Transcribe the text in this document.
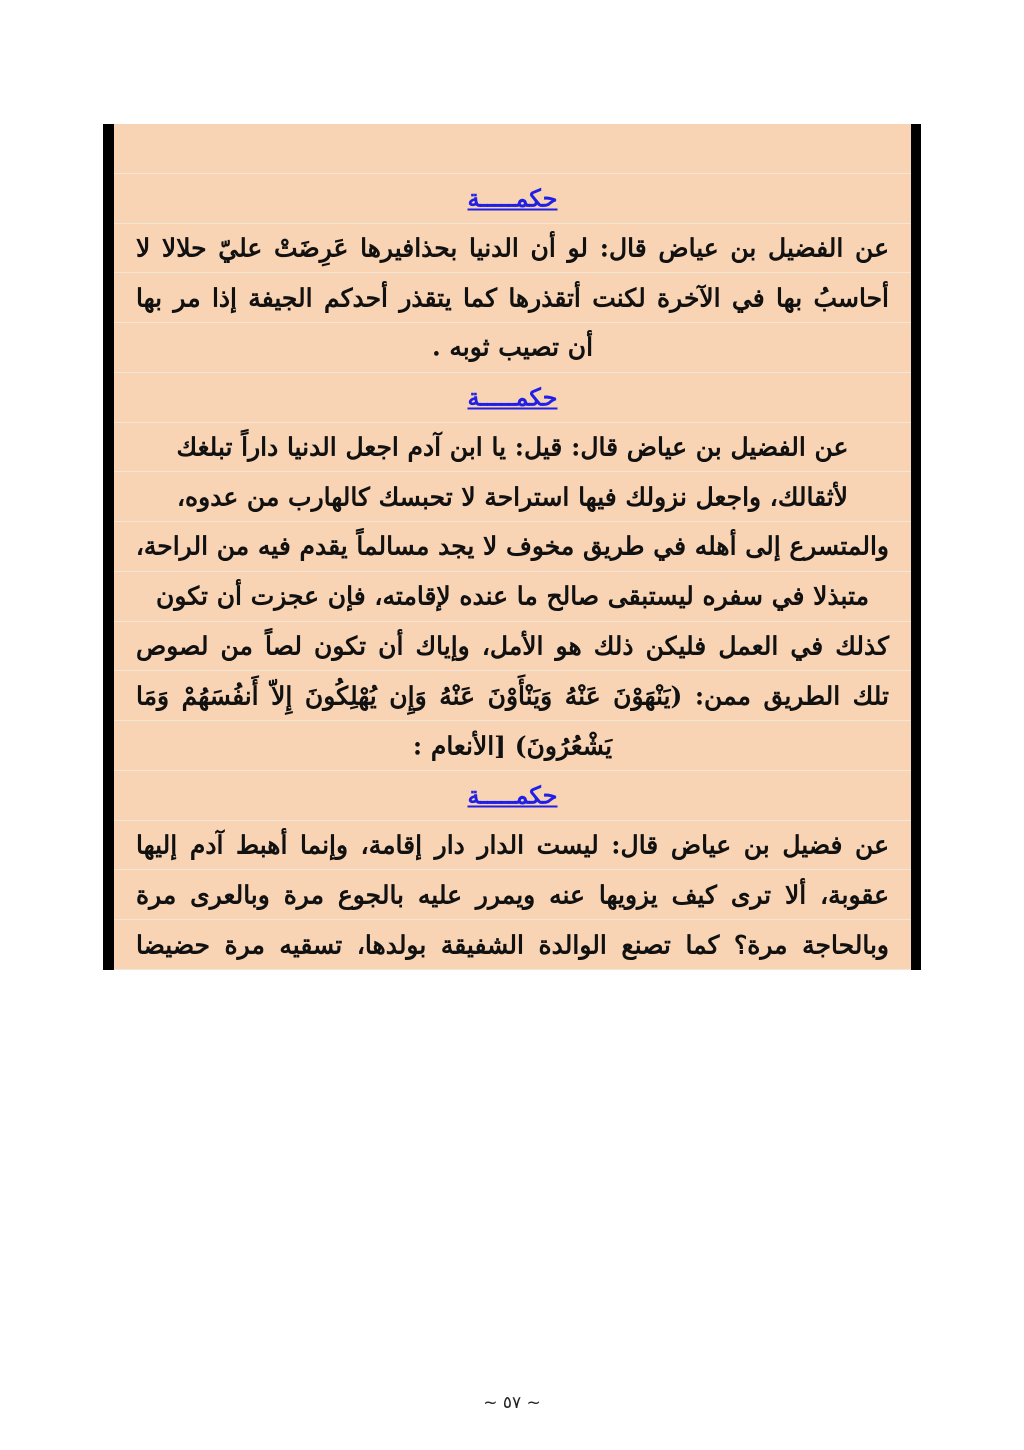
حكمـــــة
عن الفضيل بن عياض قال: لو أن الدنيا بحذافيرها عَرِضَتْ عليّ حلالا لا
أحاسبُ بها في الآخرة لكنت أتقذرها كما يتقذر أحدكم الجيفة إذا مر بها
أن تصيب ثوبه .
حكمـــــة
عن الفضيل بن عياض قال: قيل: يا ابن آدم اجعل الدنيا داراً تبلغك
لأثقالك، واجعل نزولك فيها استراحة لا تحبسك كالهارب من عدوه،
والمتسرع إلى أهله في طريق مخوف لا يجد مسالماً يقدم فيه من الراحة،
متبذلا في سفره ليستبقى صالح ما عنده لإقامته، فإن عجزت أن تكون
كذلك في العمل فليكن ذلك هو الأمل، وإياك أن تكون لصاً من لصوص
تلك الطريق ممن: (يَنْهَوْنَ عَنْهُ وَيَنْأَوْنَ عَنْهُ وَإِن يُهْلِكُونَ إِلاّ أَنفُسَهُمْ وَمَا
يَشْعُرُونَ) [الأنعام :
حكمـــــة
عن فضيل بن عياض قال: ليست الدار دار إقامة، وإنما أهبط آدم إليها
عقوبة، ألا ترى كيف يزويها عنه ويمرر عليه بالجوع مرة وبالعرى مرة
وبالحاجة مرة؟ كما تصنع الوالدة الشفيقة بولدها، تسقيه مرة حضيضا
~ ٥٧ ~
